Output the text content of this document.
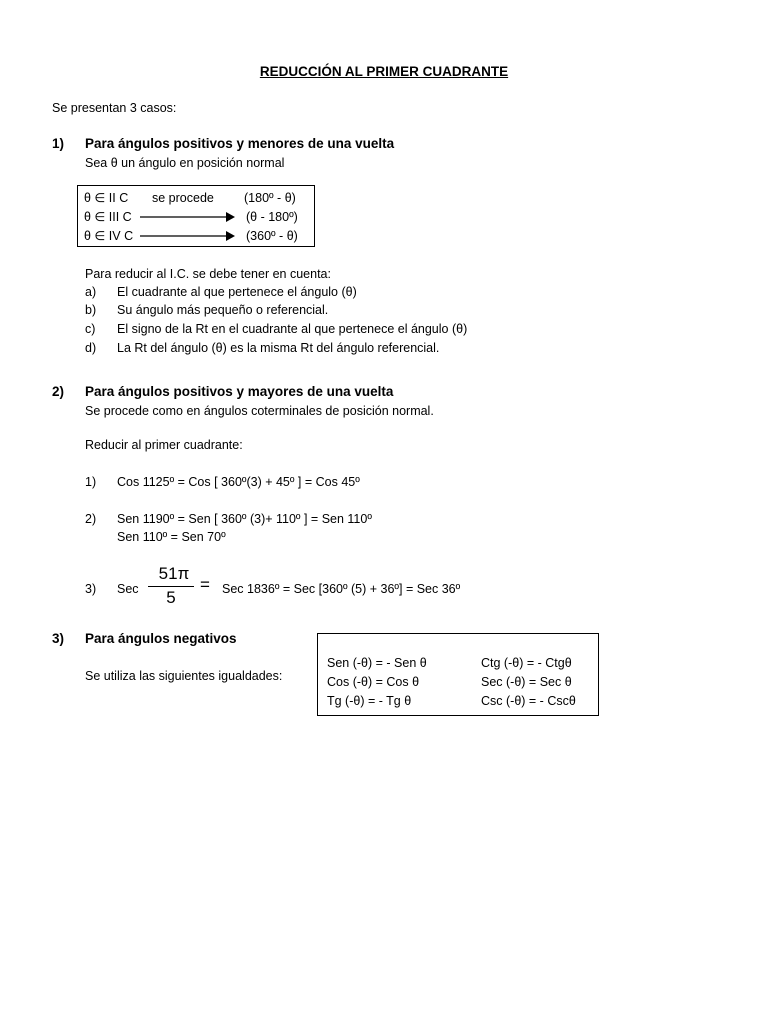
REDUCCIÓN AL PRIMER CUADRANTE
Se presentan 3 casos:
1) Para ángulos positivos y menores de una vuelta
Sea θ un ángulo en posición normal
θ ∈ II C se procede (180º - θ)
θ ∈ III C	(θ - 180º)
θ ∈ IV C	(360º - θ)
Para reducir al I.C. se debe tener en cuenta:
a) El cuadrante al que pertenece el ángulo (θ)
b) Su ángulo más pequeño o referencial.
c) El signo de la Rt en el cuadrante al que pertenece el ángulo (θ)
d) La Rt del ángulo (θ) es la misma Rt del ángulo referencial.
2) Para ángulos positivos y mayores de una vuelta
Se procede como en ángulos coterminales de posición normal.
Reducir al primer cuadrante:
1) Cos 1125º = Cos [ 360º(3) + 45º ] = Cos 45º
2) Sen 1190º = Sen [ 360º (3)+ 110º ] = Sen 110º
Sen 110º = Sen 70º
3) Sec
51π
5
= Sec 1836º = Sec [360º (5) + 36º] = Sec 36º
3) Para ángulos negativos
Se utiliza las siguientes igualdades:
Sen (-θ) = - Sen θ	Ctg (-θ) = - Ctgθ
Cos (-θ) = Cos θ	Sec (-θ) = Sec θ
Tg (-θ) = - Tg θ	Csc (-θ) = - Cscθ
